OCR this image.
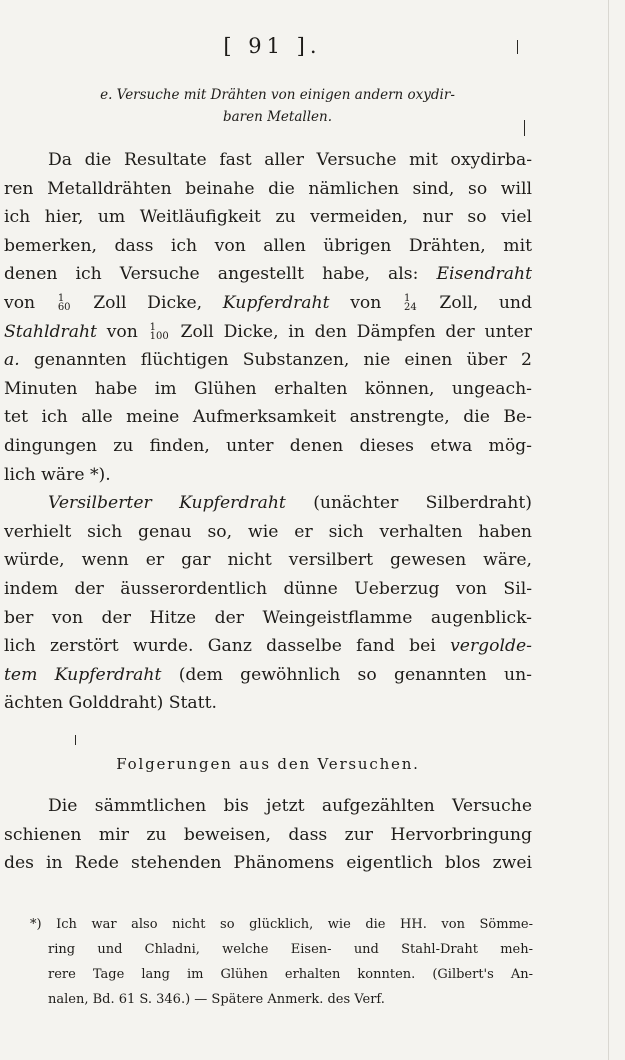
[ 91 ].
e. Versuche mit Drähten von einigen andern oxydir-
baren Metallen.
Da die Resultate fast aller Versuche mit oxydirba-
ren Metalldrähten beinahe die nämlichen sind, so will
ich hier, um Weitläufigkeit zu vermeiden, nur so viel
bemerken, dass ich von allen übrigen Drähten, mit
denen ich Versuche angestellt habe, als: Eisendraht
von 1
60 Zoll Dicke, Kupferdraht von 1
24 Zoll, und
Stahldraht von 1
100 Zoll Dicke, in den Dämpfen der unter
a. genannten flüchtigen Substanzen, nie einen über 2
Minuten habe im Glühen erhalten können, ungeach-
tet ich alle meine Aufmerksamkeit anstrengte, die Be-
dingungen zu finden, unter denen dieses etwa mög-
lich wäre *).
Versilberter Kupferdraht (unächter Silberdraht)
verhielt sich genau so, wie er sich verhalten haben
würde, wenn er gar nicht versilbert gewesen wäre,
indem der äusserordentlich dünne Ueberzug von Sil-
ber von der Hitze der Weingeistflamme augenblick-
lich zerstört wurde. Ganz dasselbe fand bei vergolde-
tem Kupferdraht (dem gewöhnlich so genannten un-
ächten Golddraht) Statt.
Folgerungen aus den Versuchen.
Die sämmtlichen bis jetzt aufgezählten Versuche
schienen mir zu beweisen, dass zur Hervorbringung
des in Rede stehenden Phänomens eigentlich blos zwei
*) Ich war also nicht so glücklich, wie die HH. von Sömme-
ring und Chladni, welche Eisen- und Stahl-Draht meh-
rere Tage lang im Glühen erhalten konnten. (Gilbert's An-
nalen, Bd. 61 S. 346.) — Spätere Anmerk. des Verf.
